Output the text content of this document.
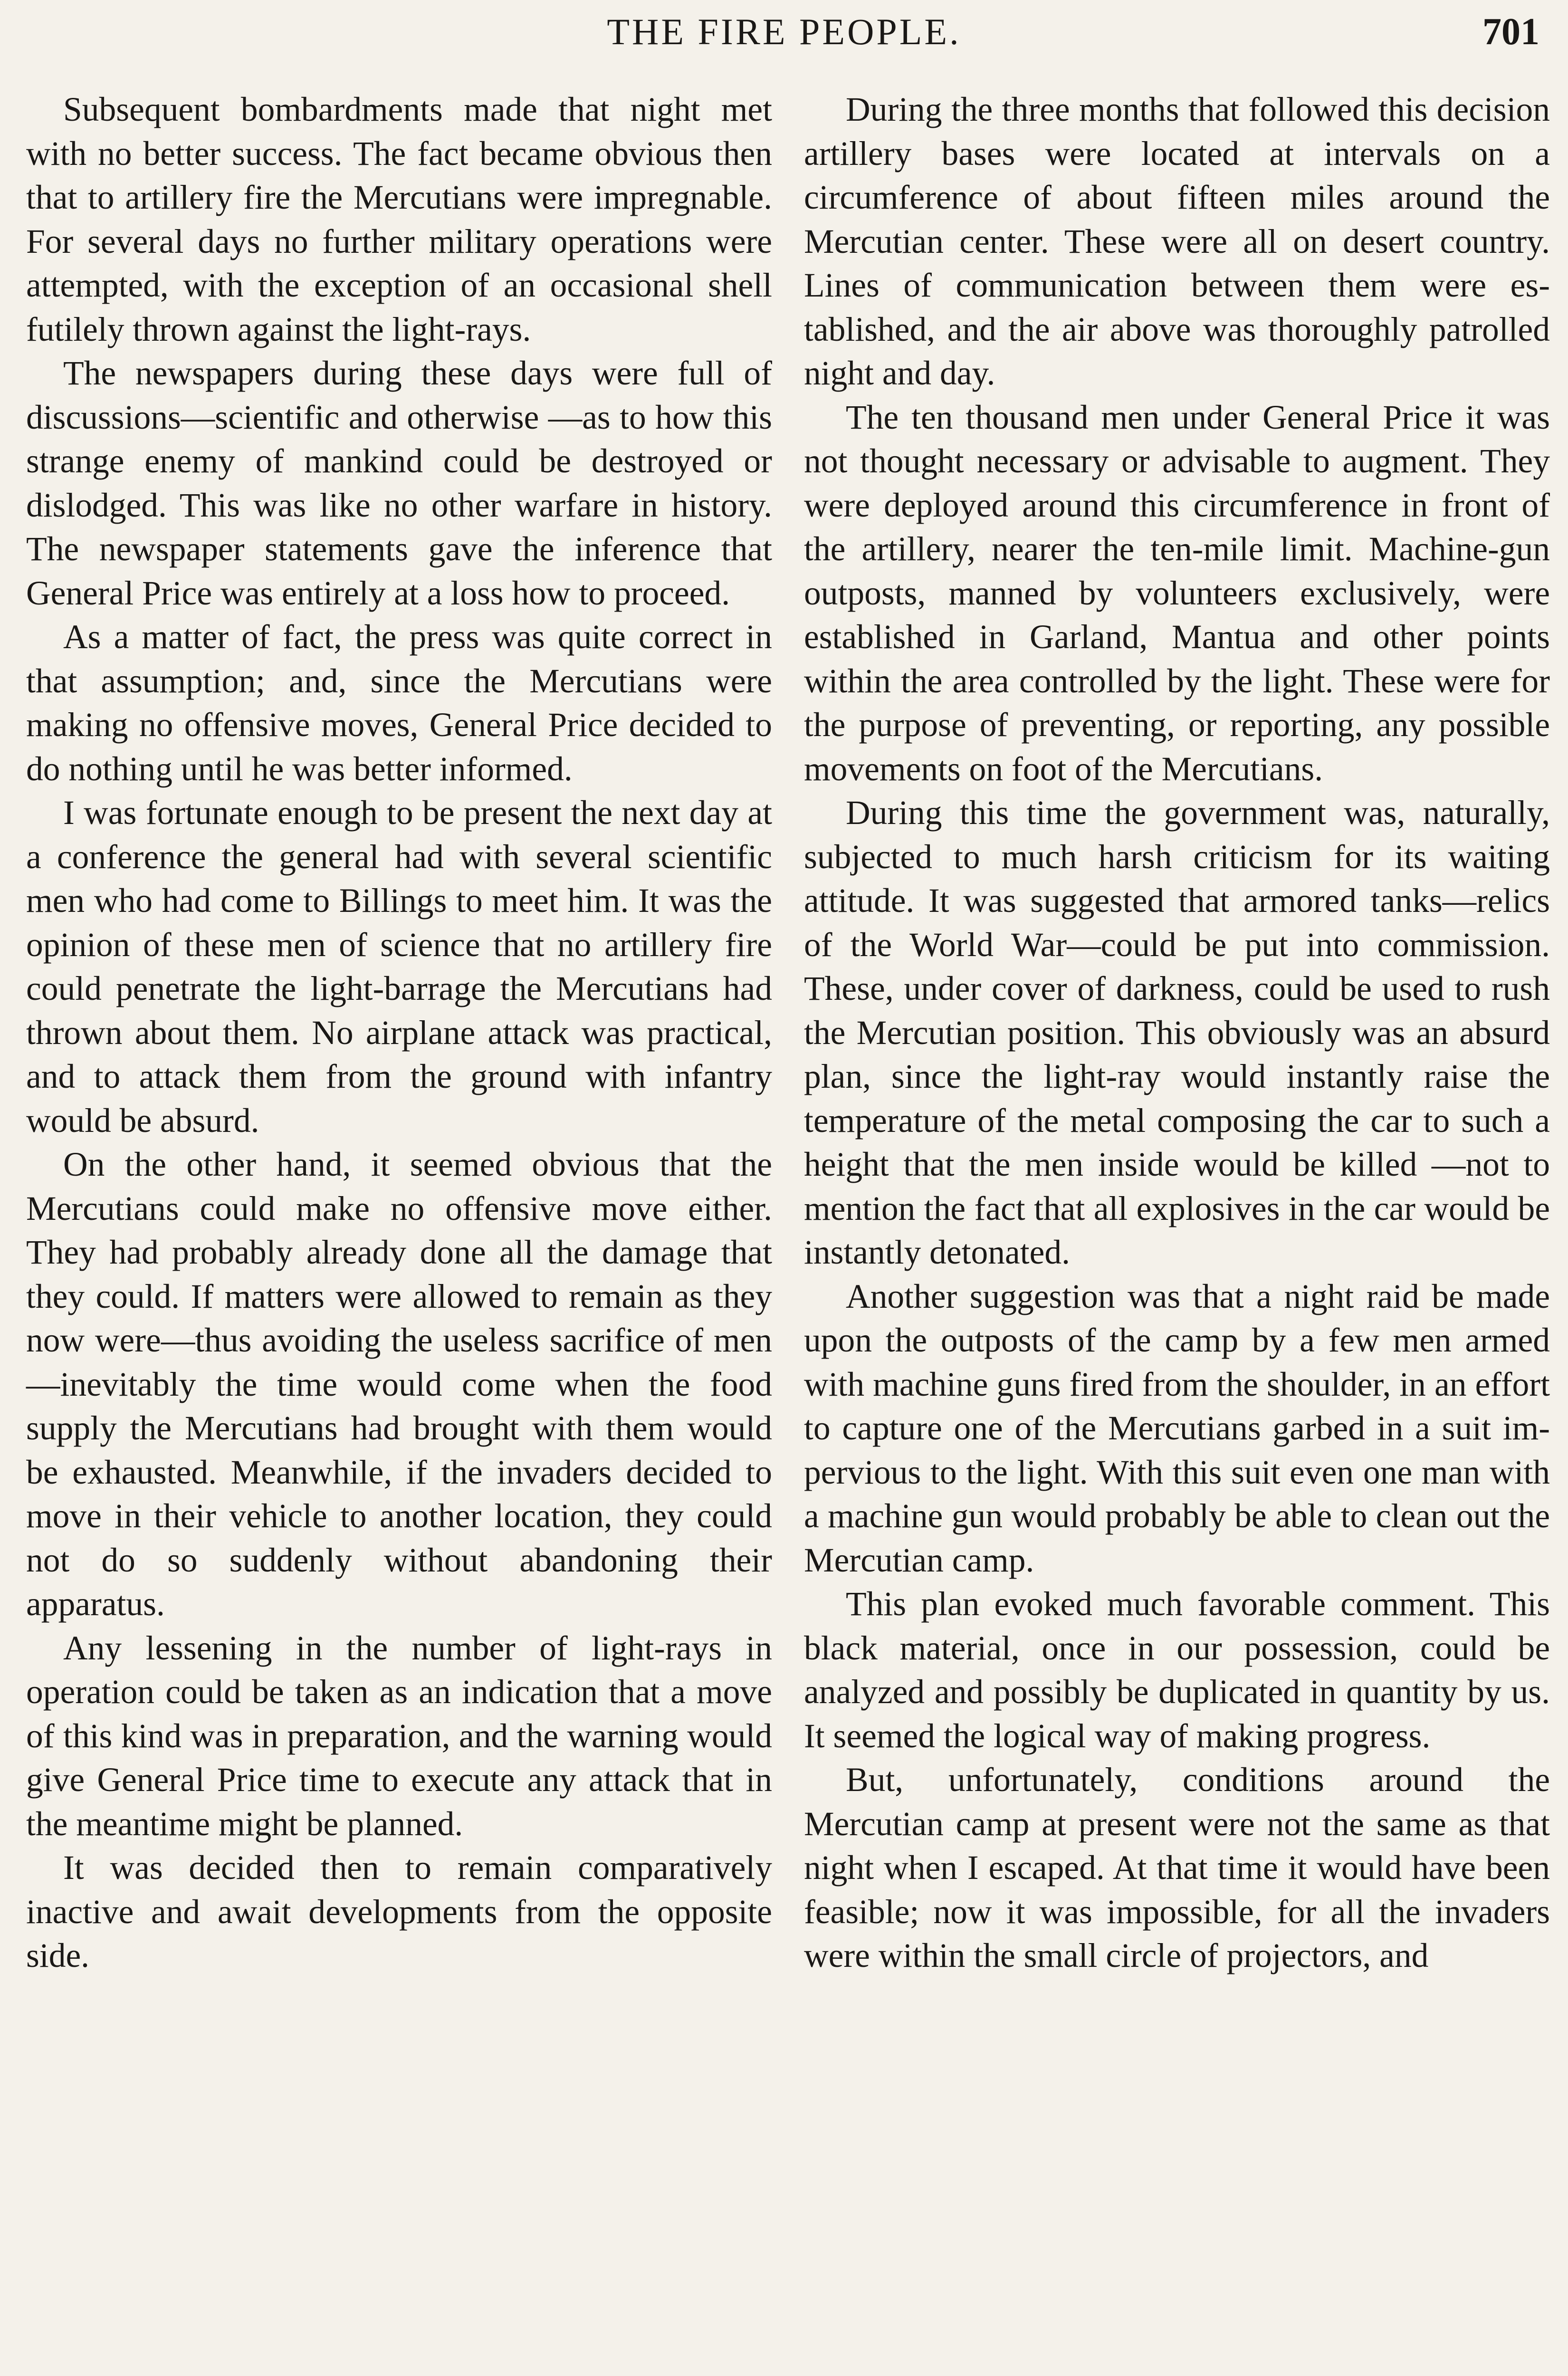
THE FIRE PEOPLE.	701

Subsequent bombardments made that night met with no better success. The fact became obvious then that to artillery fire the Mercutians were impregnable. For several days no further military operations were attempted, with the exception of an occasional shell futilely thrown against the light-rays.

The newspapers during these days were full of discussions—scientific and otherwise —as to how this strange enemy of mankind could be destroyed or dislodged. This was like no other warfare in history. The newspaper statements gave the inference that General Price was entirely at a loss how to proceed.

As a matter of fact, the press was quite correct in that assumption; and, since the Mercutians were making no offensive moves, General Price decided to do nothing until he was better informed.

I was fortunate enough to be present the next day at a conference the general had with several scientific men who had come to Billings to meet him. It was the opinion of these men of science that no artillery fire could penetrate the light-barrage the Mercutians had thrown about them. No airplane attack was practical, and to attack them from the ground with infantry would be absurd.

On the other hand, it seemed obvious that the Mercutians could make no offensive move either. They had probably already done all the damage that they could. If matters were allowed to remain as they now were—thus avoiding the useless sacrifice of men—inevitably the time would come when the food supply the Mercutians had brought with them would be exhausted. Meanwhile, if the invaders decided to move in their vehicle to another location, they could not do so suddenly without abandoning their apparatus.

Any lessening in the number of light-rays in operation could be taken as an indication that a move of this kind was in preparation, and the warning would give General Price time to execute any attack that in the meantime might be planned.

It was decided then to remain comparatively inactive and await developments from the opposite side.

During the three months that followed this decision artillery bases were located at intervals on a circumference of about fifteen miles around the Mercutian center. These were all on desert country. Lines of communication between them were established, and the air above was thoroughly patrolled night and day.

The ten thousand men under General Price it was not thought necessary or advisable to augment. They were deployed around this circumference in front of the artillery, nearer the ten-mile limit. Machine-gun outposts, manned by volunteers exclusively, were established in Garland, Mantua and other points within the area controlled by the light. These were for the purpose of preventing, or reporting, any possible movements on foot of the Mercutians.

During this time the government was, naturally, subjected to much harsh criticism for its waiting attitude. It was suggested that armored tanks—relics of the World War—could be put into commission. These, under cover of darkness, could be used to rush the Mercutian position. This obviously was an absurd plan, since the light-ray would instantly raise the temperature of the metal composing the car to such a height that the men inside would be killed —not to mention the fact that all explosives in the car would be instantly detonated.

Another suggestion was that a night raid be made upon the outposts of the camp by a few men armed with machine guns fired from the shoulder, in an effort to capture one of the Mercutians garbed in a suit impervious to the light. With this suit even one man with a machine gun would probably be able to clean out the Mercutian camp.

This plan evoked much favorable comment. This black material, once in our possession, could be analyzed and possibly be duplicated in quantity by us. It seemed the logical way of making progress.

But, unfortunately, conditions around the Mercutian camp at present were not the same as that night when I escaped. At that time it would have been feasible; now it was impossible, for all the invaders were within the small circle of projectors, and
